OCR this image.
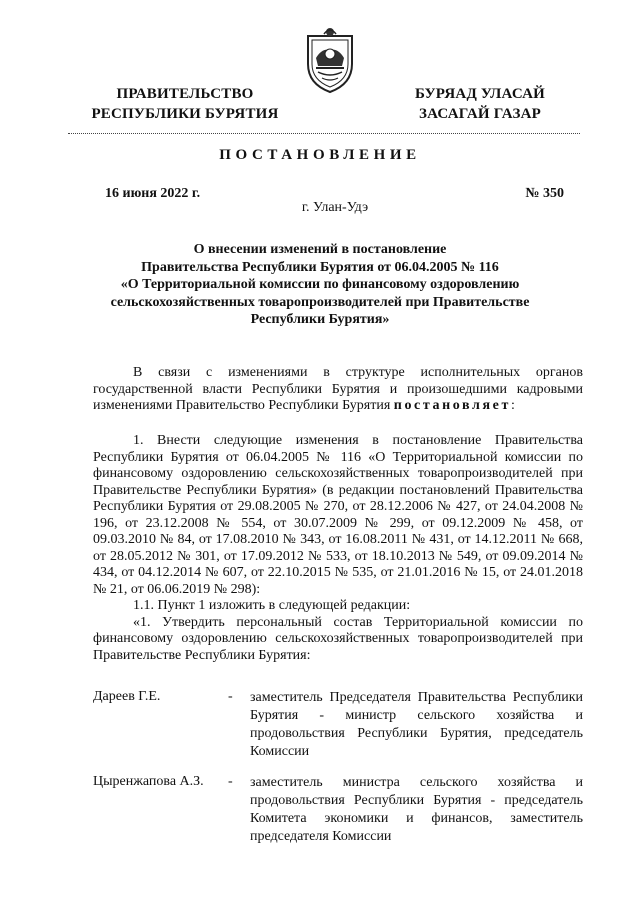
ПРАВИТЕЛЬСТВО
РЕСПУБЛИКИ БУРЯТИЯ
БУРЯАД УЛАСАЙ
ЗАСАГАЙ ГАЗАР
ПОСТАНОВЛЕНИЕ
16 июня 2022 г.	№ 350
г. Улан-Удэ
О внесении изменений в постановление
Правительства Республики Бурятия от 06.04.2005 № 116
«О Территориальной комиссии по финансовому оздоровлению
сельскохозяйственных товаропроизводителей при Правительстве
Республики Бурятия»

В связи с изменениями в структуре исполнительных органов государственной власти Республики Бурятия и произошедшими кадровыми изменениями Правительство Республики Бурятия постановляет:

1. Внести следующие изменения в постановление Правительства Республики Бурятия от 06.04.2005 № 116 «О Территориальной комиссии по финансовому оздоровлению сельскохозяйственных товаропроизводителей при Правительстве Республики Бурятия» (в редакции постановлений Правительства Республики Бурятия от 29.08.2005 № 270, от 28.12.2006 № 427, от 24.04.2008 № 196, от 23.12.2008 № 554, от 30.07.2009 № 299, от 09.12.2009 № 458, от 09.03.2010 № 84, от 17.08.2010 № 343, от 16.08.2011 № 431, от 14.12.2011 № 668, от 28.05.2012 № 301, от 17.09.2012 № 533, от 18.10.2013 № 549, от 09.09.2014 № 434, от 04.12.2014 № 607, от 22.10.2015 № 535, от 21.01.2016 № 15, от 24.01.2018 № 21, от 06.06.2019 № 298):

1.1. Пункт 1 изложить в следующей редакции:

«1. Утвердить персональный состав Территориальной комиссии по финансовому оздоровлению сельскохозяйственных товаропроизводителей при Правительстве Республики Бурятия:

Дареев Г.Е.	- заместитель Председателя Правительства Республики Бурятия - министр сельского хозяйства и продовольствия Республики Бурятия, председатель Комиссии
Цыренжапова А.З. - заместитель министра сельского хозяйства и продовольствия Республики Бурятия - председатель Комитета экономики и финансов, заместитель председателя Комиссии
